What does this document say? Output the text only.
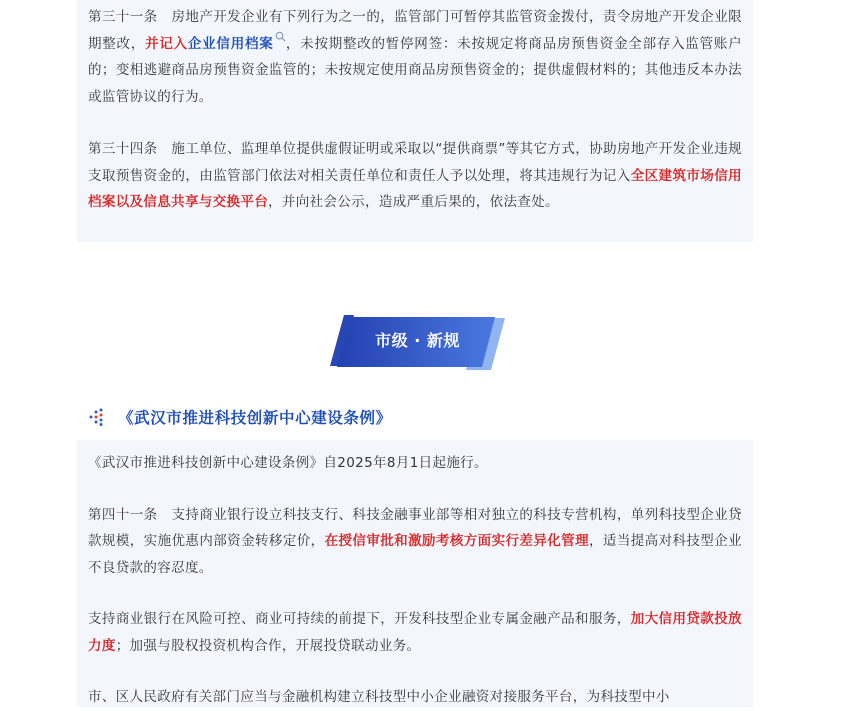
第三十一条　房地产开发企业有下列行为之一的，监管部门可暂停其监管资金拨付，责令房地产开发企业限期整改，并记入企业信用档案 ，未按期整改的暂停网签：未按规定将商品房预售资金全部存入监管账户的；变相逃避商品房预售资金监管的；未按规定使用商品房预售资金的；提供虚假材料的；其他违反本办法或监管协议的行为。

第三十四条　施工单位、监理单位提供虚假证明或采取以“提供商票”等其它方式，协助房地产开发企业违规支取预售资金的，由监管部门依法对相关责任单位和责任人予以处理，将其违规行为记入全区建筑市场信用档案以及信息共享与交换平台，并向社会公示，造成严重后果的，依法查处。

市级 · 新规
《武汉市推进科技创新中心建设条例》

《武汉市推进科技创新中心建设条例》自2025年8月1日起施行。

第四十一条　支持商业银行设立科技支行、科技金融事业部等相对独立的科技专营机构，单列科技型企业贷款规模，实施优惠内部资金转移定价，在授信审批和激励考核方面实行差异化管理，适当提高对科技型企业不良贷款的容忍度。

支持商业银行在风险可控、商业可持续的前提下，开发科技型企业专属金融产品和服务，加大信用贷款投放力度；加强与股权投资机构合作，开展投贷联动业务。

市、区人民政府有关部门应当与金融机构建立科技型中小企业融资对接服务平台，为科技型中小
